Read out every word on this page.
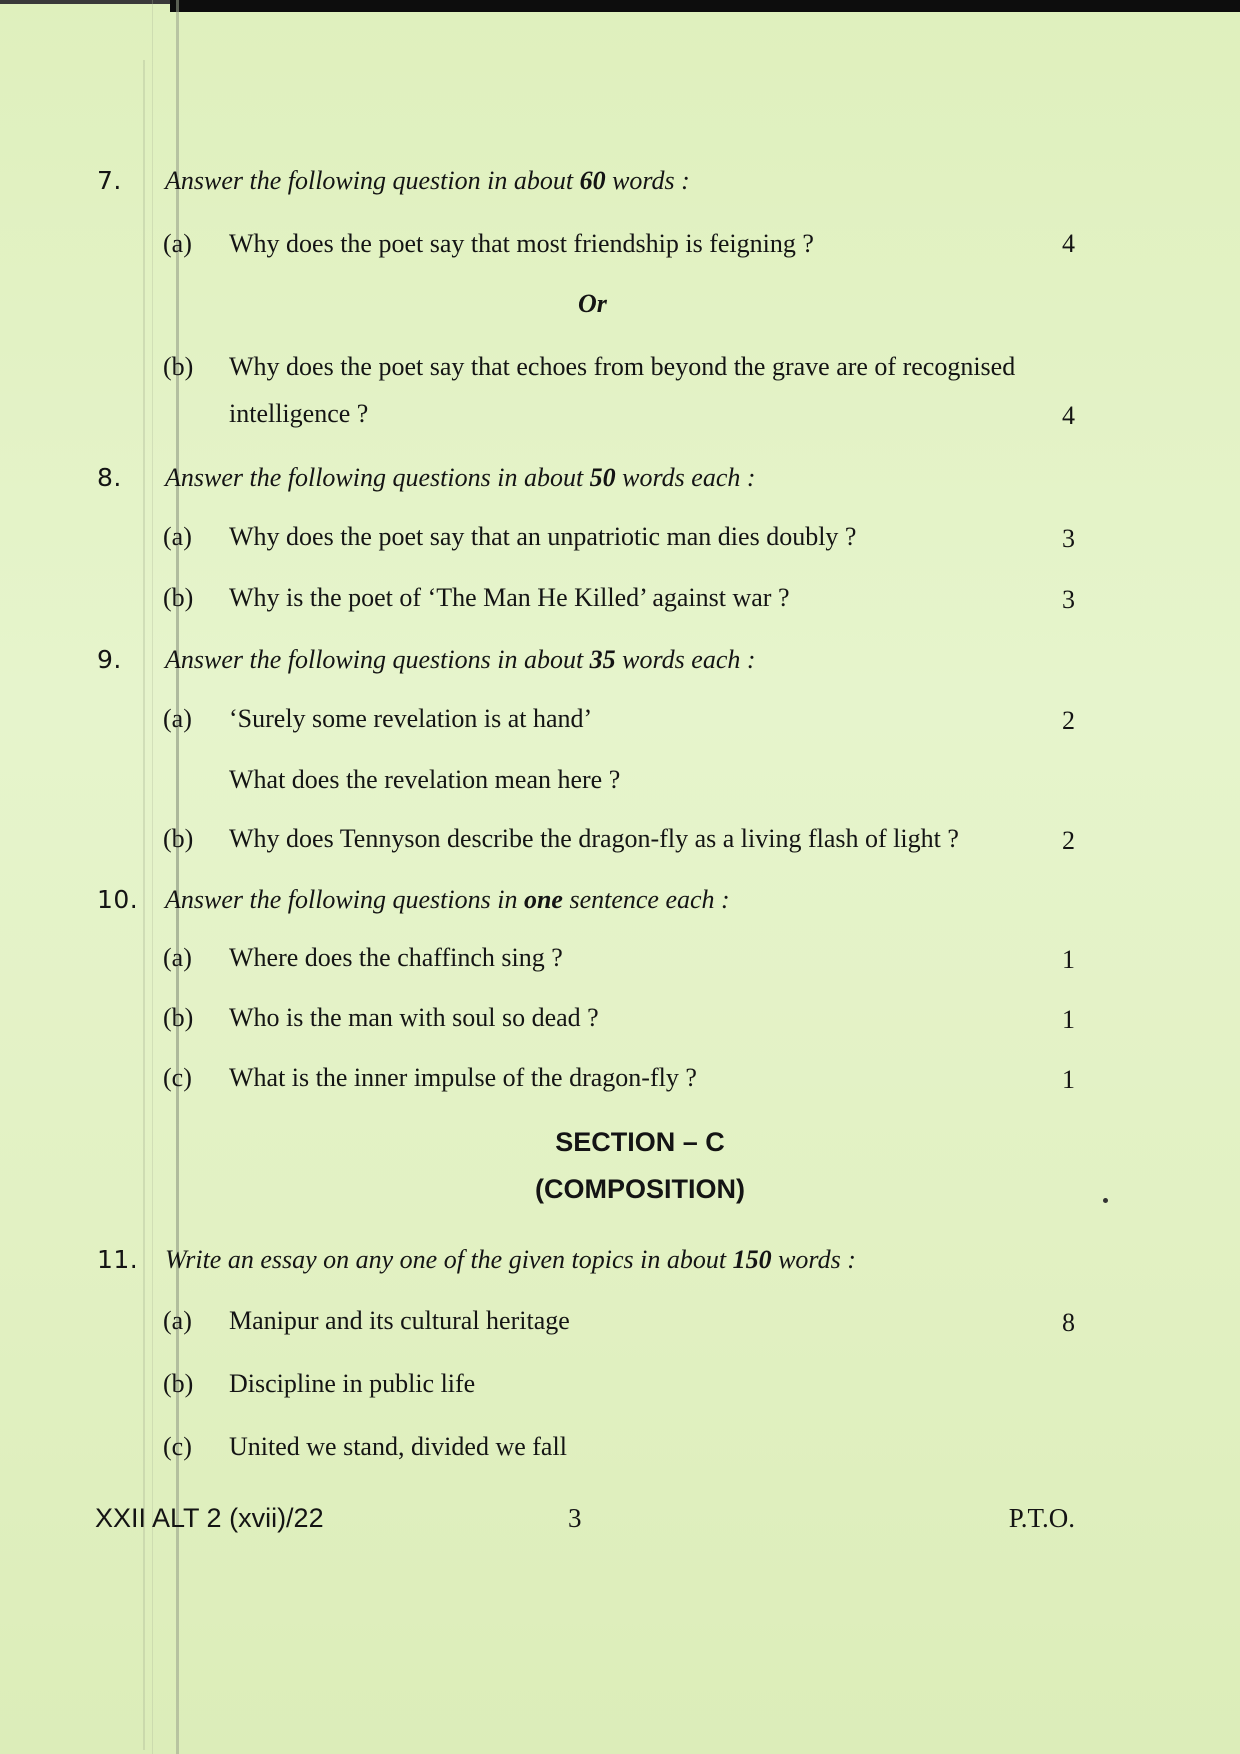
7. Answer the following question in about 60 words :
(a) Why does the poet say that most friendship is feigning ?	4
Or
(b) Why does the poet say that echoes from beyond the grave are of recognised
intelligence ?	4
8. Answer the following questions in about 50 words each :
(a) Why does the poet say that an unpatriotic man dies doubly ?	3
(b) Why is the poet of ‘The Man He Killed’ against war ?	3
9. Answer the following questions in about 35 words each :
(a) ‘Surely some revelation is at hand’	2
What does the revelation mean here ?
(b) Why does Tennyson describe the dragon-fly as a living flash of light ?	2
10. Answer the following questions in one sentence each :
(a) Where does the chaffinch sing ?	1
(b) Who is the man with soul so dead ?	1
(c) What is the inner impulse of the dragon-fly ?	1
SECTION – C
(COMPOSITION)
11. Write an essay on any one of the given topics in about 150 words :
(a) Manipur and its cultural heritage	8
(b) Discipline in public life
(c) United we stand, divided we fall
XXII ALT 2 (xvii)/22	3	P.T.O.
